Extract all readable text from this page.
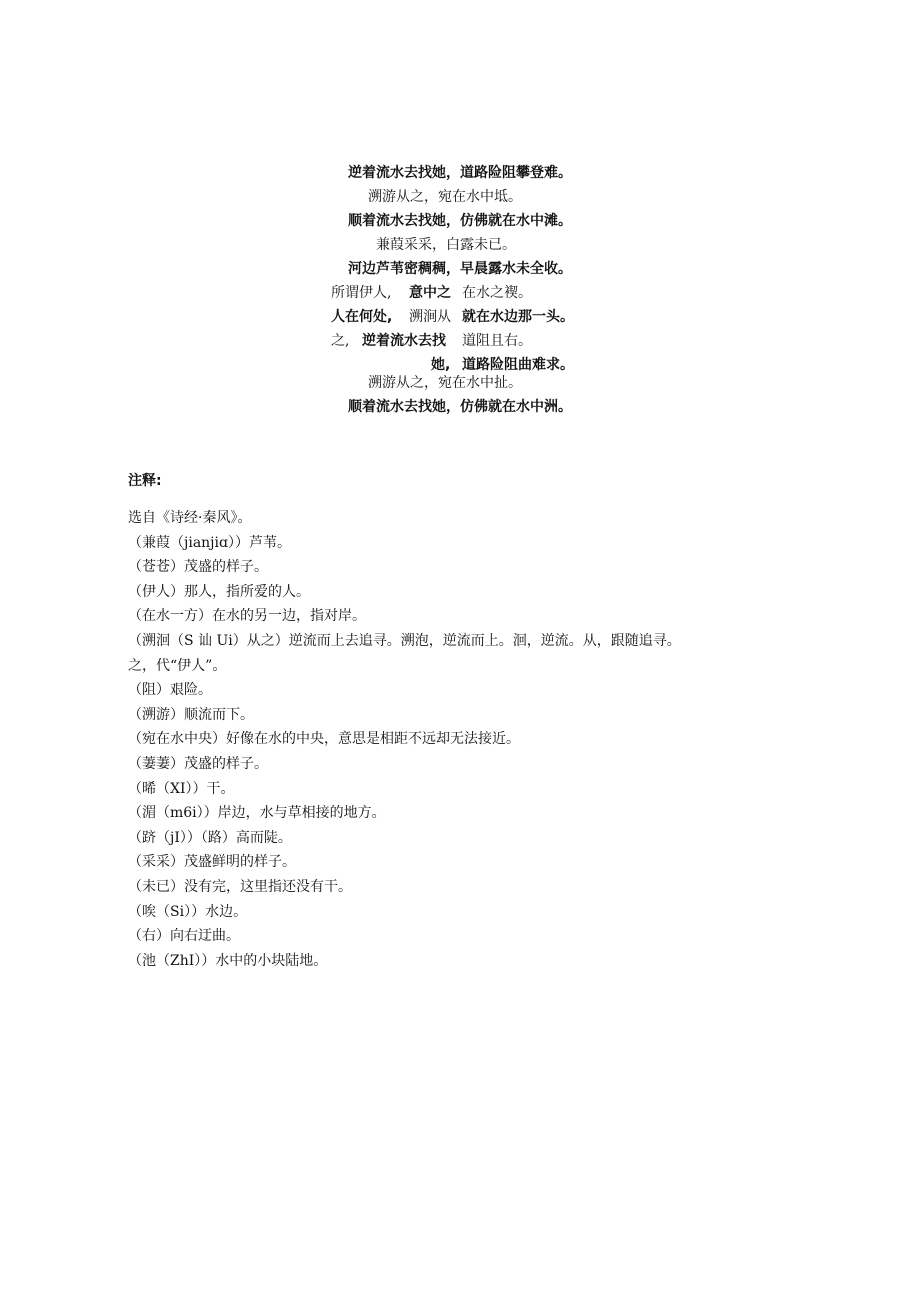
逆着流水去找她，道路险阻攀登难。
溯游从之，宛在水中坻。
顺着流水去找她，仿佛就在水中滩。
兼葭采采，白露未已。
河边芦苇密稠稠，早晨露水未全收。
所谓伊人, 意中之 在水之褉。
人在何处, 溯涧从 就在水边那一头。
之, 逆着流水去找 道阻且右。
她, 道路险阻曲难求。
溯游从之，宛在水中扯。
顺着流水去找她，仿佛就在水中洲。
注释:
选自《诗经·秦风》。
（兼葭（jianjiɑ））芦苇。
（苍苍）茂盛的样子。
（伊人）那人，指所爱的人。
（在水一方）在水的另一边，指对岸。
（溯洄（S 讪 Ui）从之）逆流而上去追寻。溯泡，逆流而上。洄，逆流。从，跟随追寻。
之，代“伊人”。
（阻）艰险。
（溯游）顺流而下。
（宛在水中央）好像在水的中央，意思是相距不远却无法接近。
（萋萋）茂盛的样子。
（晞（XI））干。
（湄（m6i））岸边，水与草相接的地方。
（跻（jI））（路）高而陡。
（采采）茂盛鲜明的样子。
（未已）没有完，这里指还没有干。
（唉（Si））水边。
（右）向右迂曲。
（池（ZhI））水中的小块陆地。
